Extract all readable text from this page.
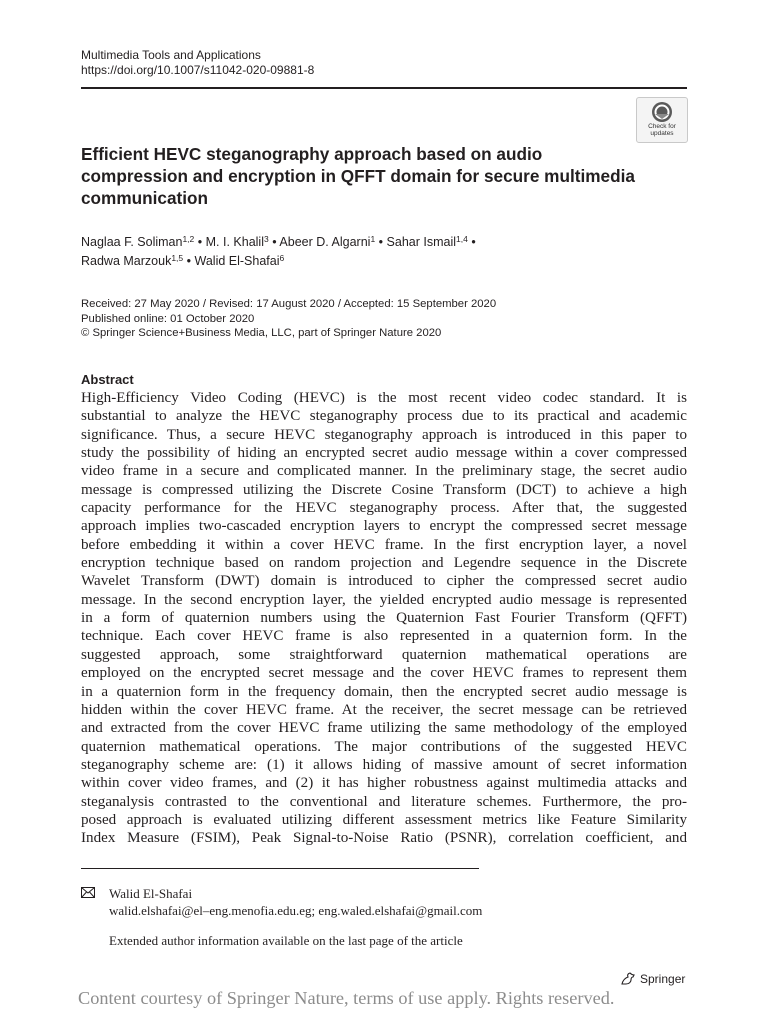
Multimedia Tools and Applications
https://doi.org/10.1007/s11042-020-09881-8
Check for
updates
Efficient HEVC steganography approach based on audio compression and encryption in QFFT domain for secure multimedia communication
Naglaa F. Soliman$^{1,2}$ • M. I. Khalil$^3$ • Abeer D. Algarni$^1$ • Sahar Ismail$^{1,4}$ •
Radwa Marzouk$^{1,5}$ • Walid El-Shafai$^6$
Received: 27 May 2020 / Revised: 17 August 2020 / Accepted: 15 September 2020
Published online: 01 October 2020
© Springer Science+Business Media, LLC, part of Springer Nature 2020
Abstract
High-Efficiency Video Coding (HEVC) is the most recent video codec standard. It is
substantial to analyze the HEVC steganography process due to its practical and academic
significance. Thus, a secure HEVC steganography approach is introduced in this paper to
study the possibility of hiding an encrypted secret audio message within a cover compressed
video frame in a secure and complicated manner. In the preliminary stage, the secret audio
message is compressed utilizing the Discrete Cosine Transform (DCT) to achieve a high
capacity performance for the HEVC steganography process. After that, the suggested
approach implies two-cascaded encryption layers to encrypt the compressed secret message
before embedding it within a cover HEVC frame. In the first encryption layer, a novel
encryption technique based on random projection and Legendre sequence in the Discrete
Wavelet Transform (DWT) domain is introduced to cipher the compressed secret audio
message. In the second encryption layer, the yielded encrypted audio message is represented
in a form of quaternion numbers using the Quaternion Fast Fourier Transform (QFFT)
technique. Each cover HEVC frame is also represented in a quaternion form. In the
suggested approach, some straightforward quaternion mathematical operations are
employed on the encrypted secret message and the cover HEVC frames to represent them
in a quaternion form in the frequency domain, then the encrypted secret audio message is
hidden within the cover HEVC frame. At the receiver, the secret message can be retrieved
and extracted from the cover HEVC frame utilizing the same methodology of the employed
quaternion mathematical operations. The major contributions of the suggested HEVC
steganography scheme are: (1) it allows hiding of massive amount of secret information
within cover video frames, and (2) it has higher robustness against multimedia attacks and
steganalysis contrasted to the conventional and literature schemes. Furthermore, the pro-
posed approach is evaluated utilizing different assessment metrics like Feature Similarity
Index Measure (FSIM), Peak Signal-to-Noise Ratio (PSNR), correlation coefficient, and
Walid El-Shafai
walid.elshafai@el–eng.menofia.edu.eg; eng.waled.elshafai@gmail.com
Extended author information available on the last page of the article
Springer
Content courtesy of Springer Nature, terms of use apply. Rights reserved.
